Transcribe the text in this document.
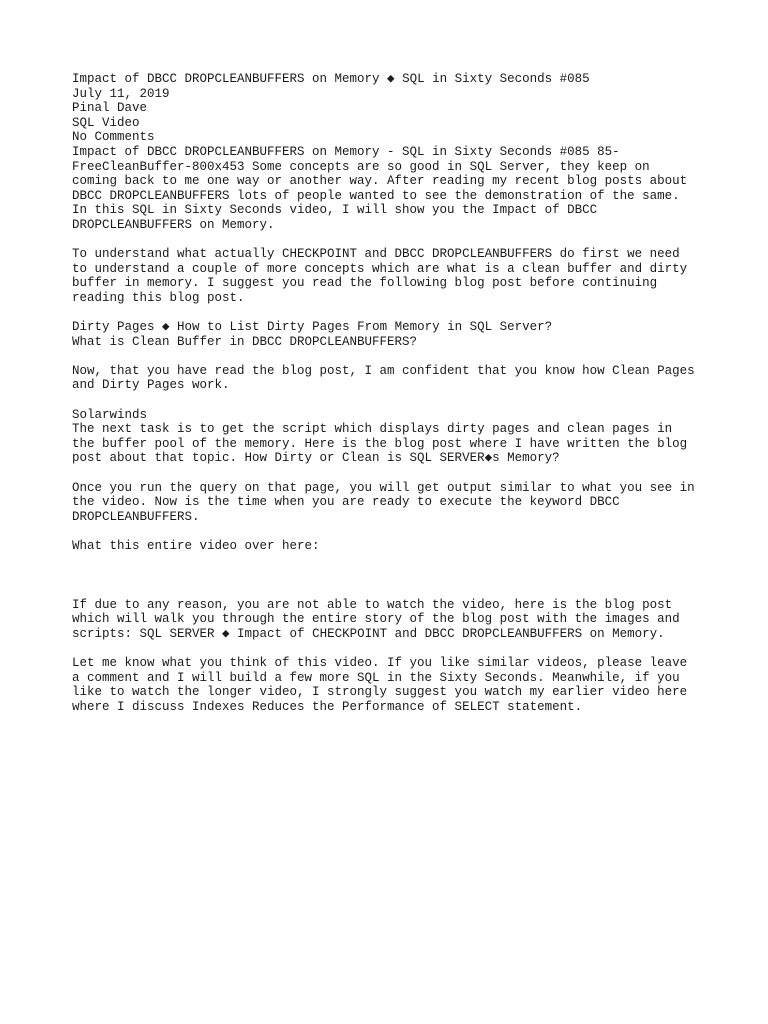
Impact of DBCC DROPCLEANBUFFERS on Memory ◆ SQL in Sixty Seconds #085
July 11, 2019
Pinal Dave
SQL Video
No Comments
Impact of DBCC DROPCLEANBUFFERS on Memory - SQL in Sixty Seconds #085 85-
FreeCleanBuffer-800x453 Some concepts are so good in SQL Server, they keep on
coming back to me one way or another way. After reading my recent blog posts about
DBCC DROPCLEANBUFFERS lots of people wanted to see the demonstration of the same.
In this SQL in Sixty Seconds video, I will show you the Impact of DBCC
DROPCLEANBUFFERS on Memory.
To understand what actually CHECKPOINT and DBCC DROPCLEANBUFFERS do first we need
to understand a couple of more concepts which are what is a clean buffer and dirty
buffer in memory. I suggest you read the following blog post before continuing
reading this blog post.
Dirty Pages ◆ How to List Dirty Pages From Memory in SQL Server?
What is Clean Buffer in DBCC DROPCLEANBUFFERS?
Now, that you have read the blog post, I am confident that you know how Clean Pages
and Dirty Pages work.
Solarwinds
The next task is to get the script which displays dirty pages and clean pages in
the buffer pool of the memory. Here is the blog post where I have written the blog
post about that topic. How Dirty or Clean is SQL SERVER◆s Memory?
Once you run the query on that page, you will get output similar to what you see in
the video. Now is the time when you are ready to execute the keyword DBCC
DROPCLEANBUFFERS.
What this entire video over here:
If due to any reason, you are not able to watch the video, here is the blog post
which will walk you through the entire story of the blog post with the images and
scripts: SQL SERVER ◆ Impact of CHECKPOINT and DBCC DROPCLEANBUFFERS on Memory.
Let me know what you think of this video. If you like similar videos, please leave
a comment and I will build a few more SQL in the Sixty Seconds. Meanwhile, if you
like to watch the longer video, I strongly suggest you watch my earlier video here
where I discuss Indexes Reduces the Performance of SELECT statement.
